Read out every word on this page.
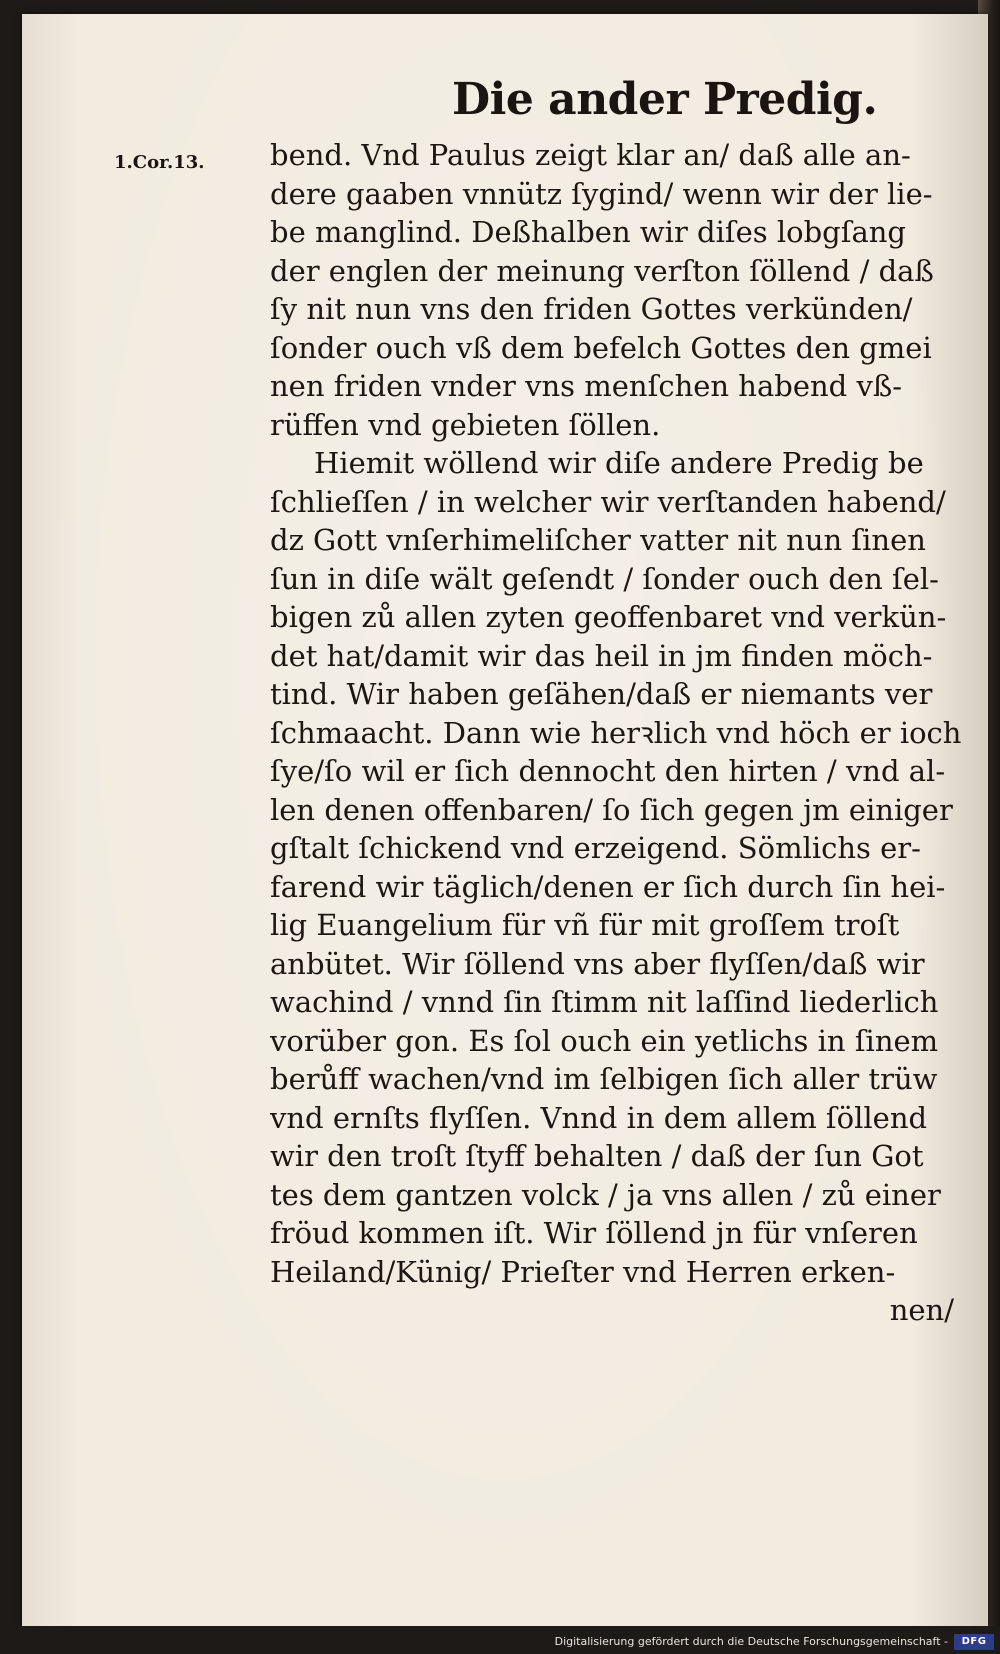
Die ander Predig.
1.Cor.13. bend. Vnd Paulus zeigt klar an/ daß alle an-
dere gaaben vnnütz ſygind/ wenn wir der lie-
be manglind. Deßhalben wir diſes lobgſang
der englen der meinung verſton ſöllend / daß
ſy nit nun vns den friden Gottes verkünden/
ſonder ouch vß dem befelch Gottes den gmei
nen friden vnder vns menſchen habend vß-
rüffen vnd gebieten ſöllen.
Hiemit wöllend wir diſe andere Predig be
ſchlieſſen / in welcher wir verſtanden habend/
dz Gott vnſerhimeliſcher vatter nit nun ſinen
ſun in diſe wält geſendt / ſonder ouch den ſel-
bigen zů allen zyten geoffenbaret vnd verkün-
det hat/damit wir das heil in jm finden möch-
tind. Wir haben geſähen/daß er niemants ver
ſchmaacht. Dann wie herꝛlich vnd höch er ioch
ſye/ſo wil er ſich dennocht den hirten / vnd al-
len denen offenbaren/ ſo ſich gegen jm einiger
gſtalt ſchickend vnd erzeigend. Sömlichs er-
farend wir täglich/denen er ſich durch ſin hei-
lig Euangelium für vñ für mit groſſem troſt
anbütet. Wir ſöllend vns aber flyſſen/daß wir
wachind / vnnd ſin ſtimm nit laſſind liederlich
vorüber gon. Es ſol ouch ein yetlichs in ſinem
berůff wachen/vnd im ſelbigen ſich aller trüw
vnd ernſts flyſſen. Vnnd in dem allem ſöllend
wir den troſt ſtyff behalten / daß der ſun Got
tes dem gantzen volck / ja vns allen / zů einer
fröud kommen iſt. Wir ſöllend jn für vnſeren
Heiland/Künig/ Prieſter vnd Herren erken-
nen/
Digitalisierung gefördert durch die Deutsche Forschungsgemeinschaft -	DFG
